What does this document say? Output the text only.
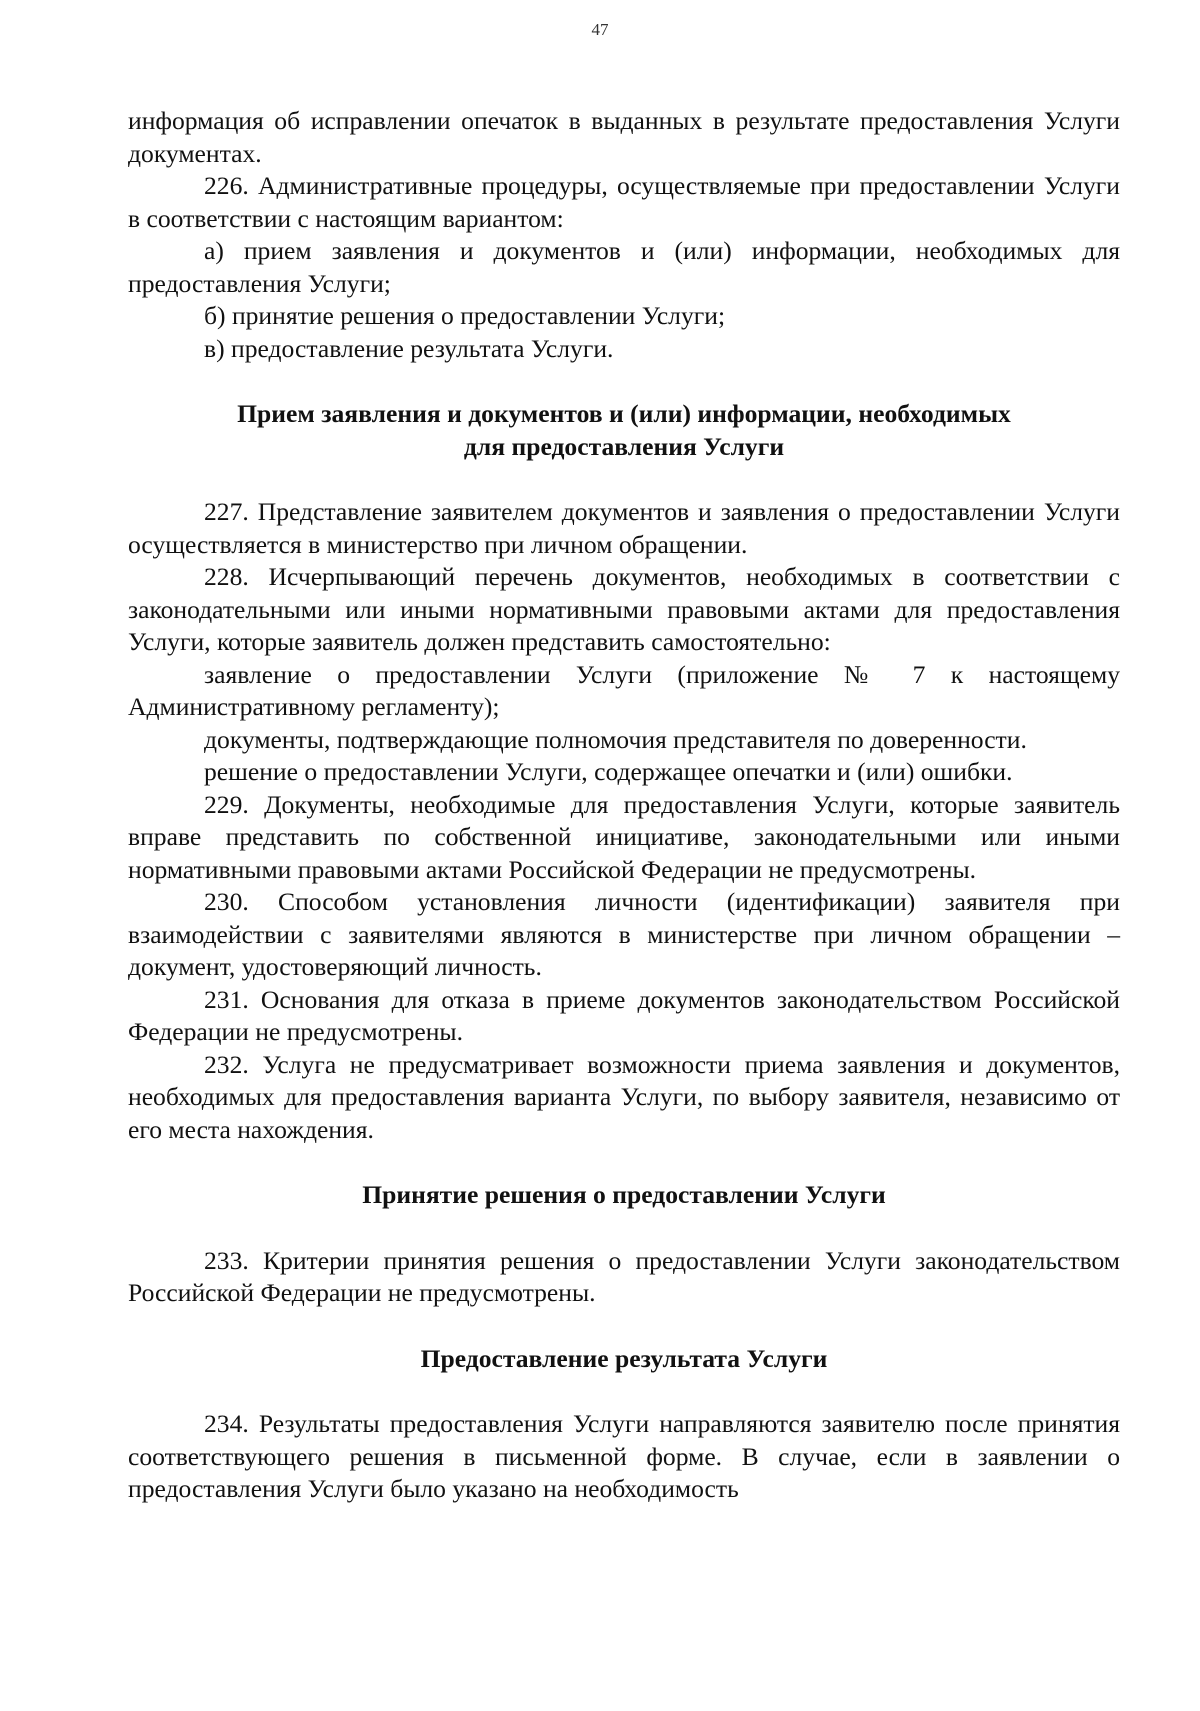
47

информация об исправлении опечаток в выданных в результате предоставления Услуги документах.

226. Административные процедуры, осуществляемые при предоставлении Услуги в соответствии с настоящим вариантом:

а) прием заявления и документов и (или) информации, необходимых для предоставления Услуги;

б) принятие решения о предоставлении Услуги;

в) предоставление результата Услуги.

Прием заявления и документов и (или) информации, необходимых
для предоставления Услуги

227. Представление заявителем документов и заявления о предоставлении Услуги осуществляется в министерство при личном обращении.

228. Исчерпывающий перечень документов, необходимых в соответствии с законодательными или иными нормативными правовыми актами для предоставления Услуги, которые заявитель должен представить самостоятельно:

заявление о предоставлении Услуги (приложение № 7 к настоящему Административному регламенту);

документы, подтверждающие полномочия представителя по доверенности.

решение о предоставлении Услуги, содержащее опечатки и (или) ошибки.

229. Документы, необходимые для предоставления Услуги, которые заявитель вправе представить по собственной инициативе, законодательными или иными нормативными правовыми актами Российской Федерации не предусмотрены.

230. Способом установления личности (идентификации) заявителя при взаимодействии с заявителями являются в министерстве при личном обращении – документ, удостоверяющий личность.

231. Основания для отказа в приеме документов законодательством Российской Федерации не предусмотрены.

232. Услуга не предусматривает возможности приема заявления и документов, необходимых для предоставления варианта Услуги, по выбору заявителя, независимо от его места нахождения.

Принятие решения о предоставлении Услуги

233. Критерии принятия решения о предоставлении Услуги законодательством Российской Федерации не предусмотрены.

Предоставление результата Услуги

234. Результаты предоставления Услуги направляются заявителю после принятия соответствующего решения в письменной форме. В случае, если в заявлении о предоставления Услуги было указано на необходимость
